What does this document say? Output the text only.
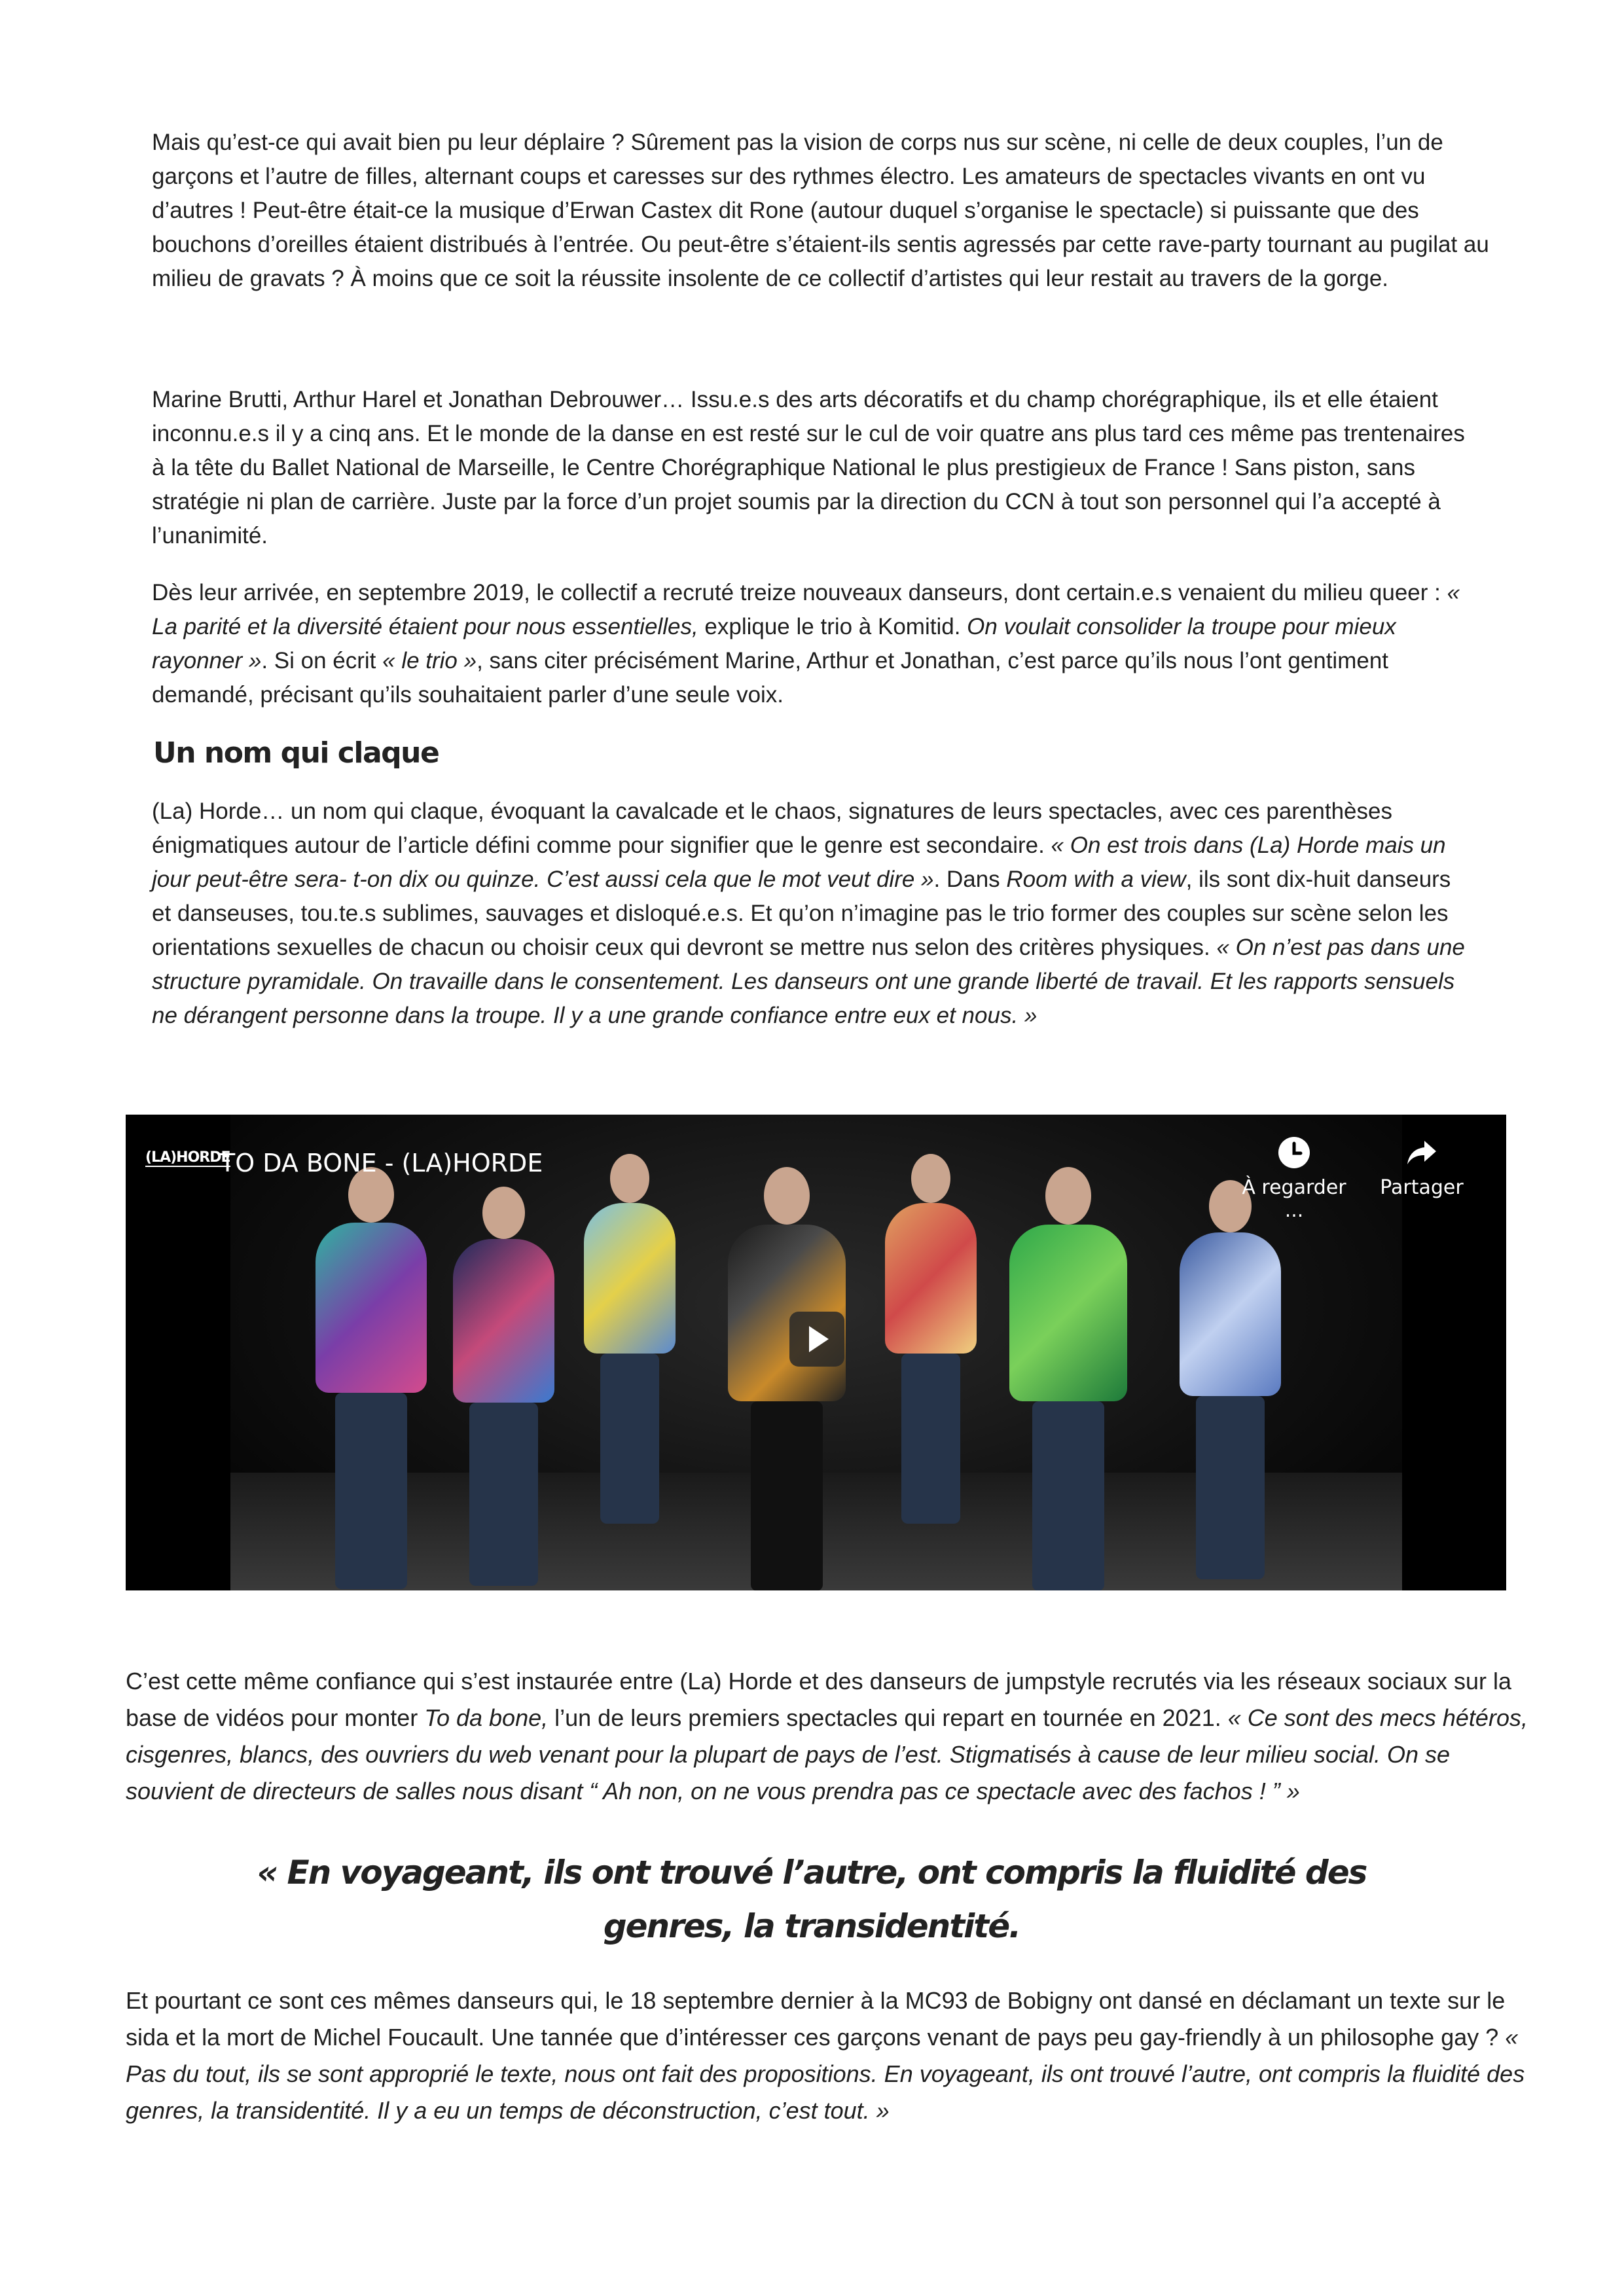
Mais qu’est-ce qui avait bien pu leur déplaire ? Sûrement pas la vision de corps nus sur scène, ni celle de deux couples, l’un de garçons et l’autre de filles, alternant coups et caresses sur des rythmes électro. Les amateurs de spectacles vivants en ont vu d’autres ! Peut-être était-ce la musique d’Erwan Castex dit Rone (autour duquel s’organise le spectacle) si puissante que des bouchons d’oreilles étaient distribués à l’entrée. Ou peut-être s’étaient-ils sentis agressés par cette rave-party tournant au pugilat au milieu de gravats ? À moins que ce soit la réussite insolente de ce collectif d’artistes qui leur restait au travers de la gorge.

Marine Brutti, Arthur Harel et Jonathan Debrouwer… Issu.e.s des arts décoratifs et du champ chorégraphique, ils et elle étaient inconnu.e.s il y a cinq ans. Et le monde de la danse en est resté sur le cul de voir quatre ans plus tard ces même pas trentenaires à la tête du Ballet National de Marseille, le Centre Chorégraphique National le plus prestigieux de France ! Sans piston, sans stratégie ni plan de carrière. Juste par la force d’un projet soumis par la direction du CCN à tout son personnel qui l’a accepté à l’unanimité.

Dès leur arrivée, en septembre 2019, le collectif a recruté treize nouveaux danseurs, dont certain.e.s venaient du milieu queer : « La parité et la diversité étaient pour nous essentielles, explique le trio à Komitid. On voulait consolider la troupe pour mieux rayonner ». Si on écrit « le trio », sans citer précisément Marine, Arthur et Jonathan, c’est parce qu’ils nous l’ont gentiment demandé, précisant qu’ils souhaitaient parler d’une seule voix.

Un nom qui claque

(La) Horde… un nom qui claque, évoquant la cavalcade et le chaos, signatures de leurs spectacles, avec ces parenthèses énigmatiques autour de l’article défini comme pour signifier que le genre est secondaire. « On est trois dans (La) Horde mais un jour peut-être sera- t-on dix ou quinze. C’est aussi cela que le mot veut dire ». Dans Room with a view, ils sont dix-huit danseurs et danseuses, tou.te.s sublimes, sauvages et disloqué.e.s. Et qu’on n’imagine pas le trio former des couples sur scène selon les orientations sexuelles de chacun ou choisir ceux qui devront se mettre nus selon des critères physiques. « On n’est pas dans une structure pyramidale. On travaille dans le consentement. Les danseurs ont une grande liberté de travail. Et les rapports sensuels ne dérangent personne dans la troupe. Il y a une grande confiance entre eux et nous. »

(LA)HORDE
TO DA BONE - (LA)HORDE
À regarder ...
Partager

C’est cette même confiance qui s’est instaurée entre (La) Horde et des danseurs de jumpstyle recrutés via les réseaux sociaux sur la base de vidéos pour monter To da bone, l’un de leurs premiers spectacles qui repart en tournée en 2021. « Ce sont des mecs hétéros, cisgenres, blancs, des ouvriers du web venant pour la plupart de pays de l’est. Stigmatisés à cause de leur milieu social. On se souvient de directeurs de salles nous disant “ Ah non, on ne vous prendra pas ce spectacle avec des fachos ! ” »

« En voyageant, ils ont trouvé l’autre, ont compris la fluidité des
genres, la transidentité.

Et pourtant ce sont ces mêmes danseurs qui, le 18 septembre dernier à la MC93 de Bobigny ont dansé en déclamant un texte sur le sida et la mort de Michel Foucault. Une tannée que d’intéresser ces garçons venant de pays peu gay-friendly à un philosophe gay ? « Pas du tout, ils se sont approprié le texte, nous ont fait des propositions. En voyageant, ils ont trouvé l’autre, ont compris la fluidité des genres, la transidentité. Il y a eu un temps de déconstruction, c’est tout. »
